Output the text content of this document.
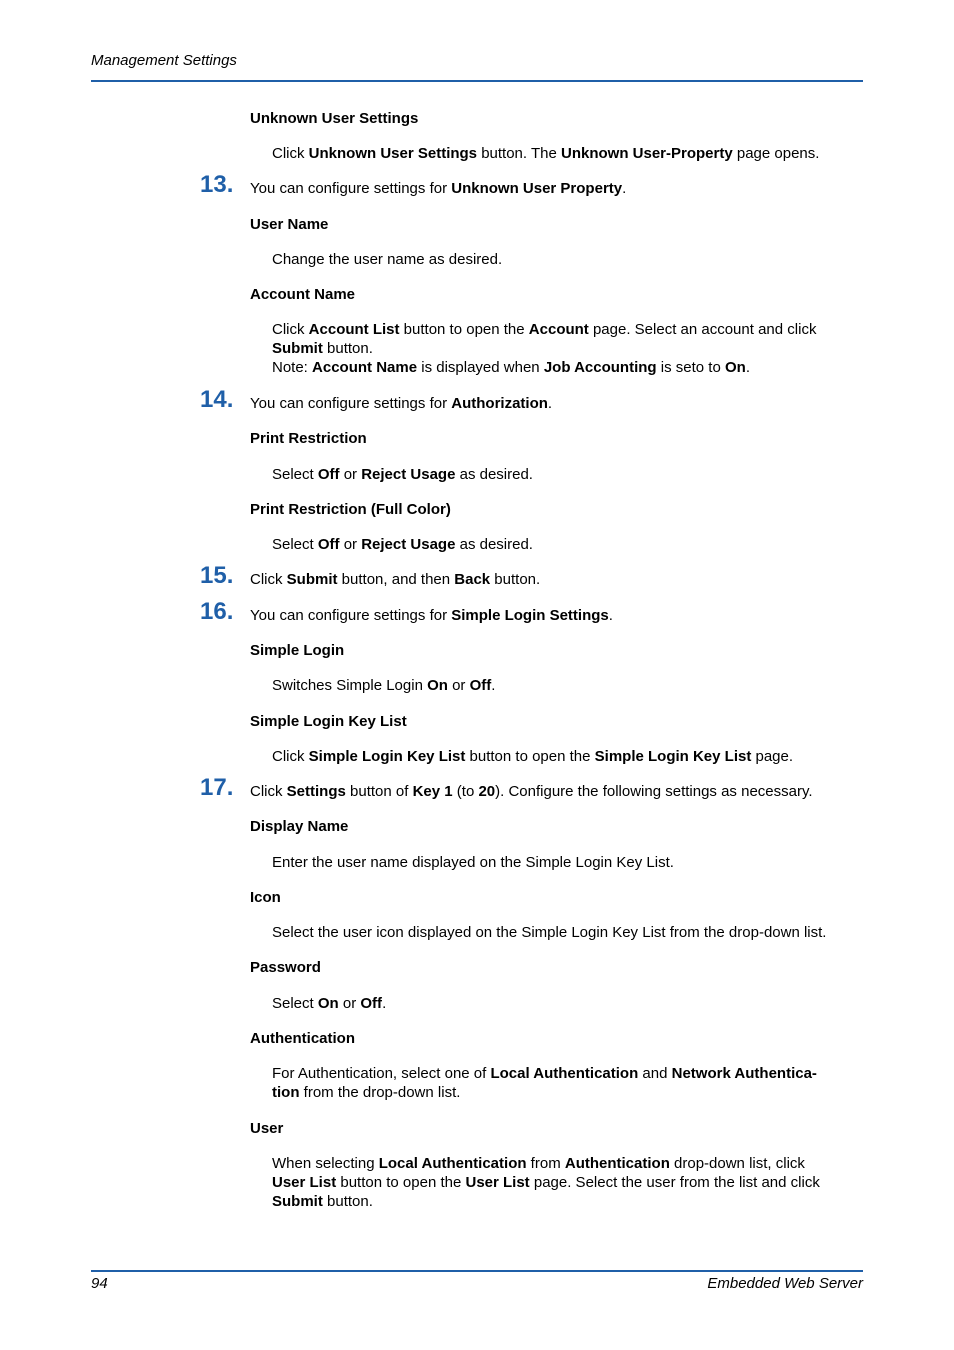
Management Settings
Unknown User Settings
Click Unknown User Settings button. The Unknown User-Property page opens.
13. You can configure settings for Unknown User Property.
User Name
Change the user name as desired.
Account Name
Click Account List button to open the Account page. Select an account and click
Submit button.
Note: Account Name is displayed when Job Accounting is seto to On.
14. You can configure settings for Authorization.
Print Restriction
Select Off or Reject Usage as desired.
Print Restriction (Full Color)
Select Off or Reject Usage as desired.
15. Click Submit button, and then Back button.
16. You can configure settings for Simple Login Settings.
Simple Login
Switches Simple Login On or Off.
Simple Login Key List
Click Simple Login Key List button to open the Simple Login Key List page.
17. Click Settings button of Key 1 (to 20). Configure the following settings as necessary.
Display Name
Enter the user name displayed on the Simple Login Key List.
Icon
Select the user icon displayed on the Simple Login Key List from the drop-down list.
Password
Select On or Off.
Authentication
For Authentication, select one of Local Authentication and Network Authentica-
tion from the drop-down list.
User
When selecting Local Authentication from Authentication drop-down list, click
User List button to open the User List page. Select the user from the list and click
Submit button.
94	Embedded Web Server
